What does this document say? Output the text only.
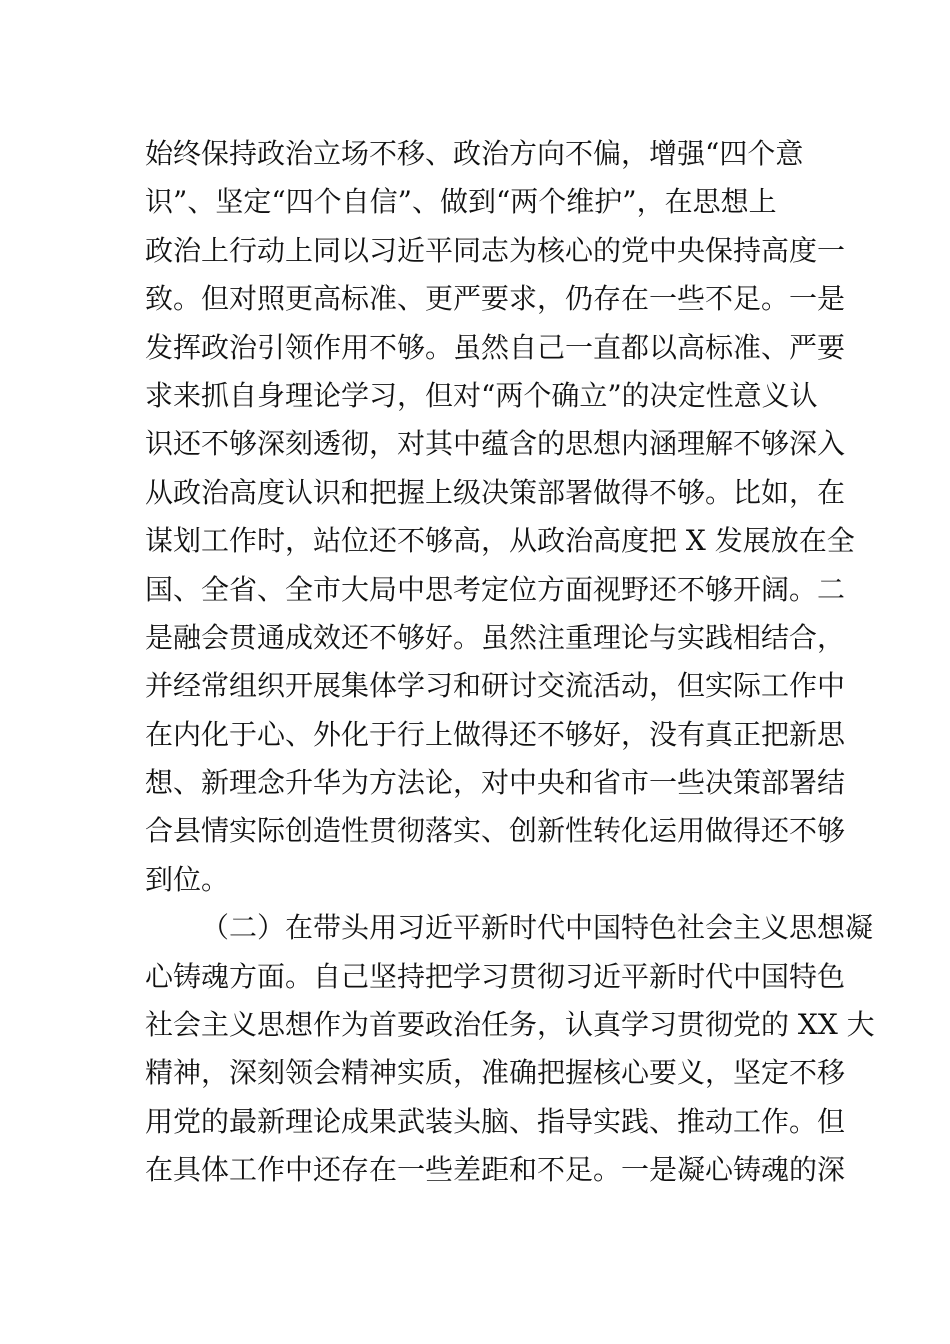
始终保持政治立场不移、政治方向不偏，增强“四个意
识”、坚定“四个自信”、做到“两个维护”，在思想上
政治上行动上同以习近平同志为核心的党中央保持高度一
致。但对照更高标准、更严要求，仍存在一些不足。一是
发挥政治引领作用不够。虽然自己一直都以高标准、严要
求来抓自身理论学习，但对“两个确立”的决定性意义认
识还不够深刻透彻，对其中蕴含的思想内涵理解不够深入
从政治高度认识和把握上级决策部署做得不够。比如，在
谋划工作时，站位还不够高，从政治高度把 X 发展放在全
国、全省、全市大局中思考定位方面视野还不够开阔。二
是融会贯通成效还不够好。虽然注重理论与实践相结合，
并经常组织开展集体学习和研讨交流活动，但实际工作中
在内化于心、外化于行上做得还不够好，没有真正把新思
想、新理念升华为方法论，对中央和省市一些决策部署结
合县情实际创造性贯彻落实、创新性转化运用做得还不够
到位。
（二）在带头用习近平新时代中国特色社会主义思想凝
心铸魂方面。自己坚持把学习贯彻习近平新时代中国特色
社会主义思想作为首要政治任务，认真学习贯彻党的 XX 大
精神，深刻领会精神实质，准确把握核心要义，坚定不移
用党的最新理论成果武装头脑、指导实践、推动工作。但
在具体工作中还存在一些差距和不足。一是凝心铸魂的深
